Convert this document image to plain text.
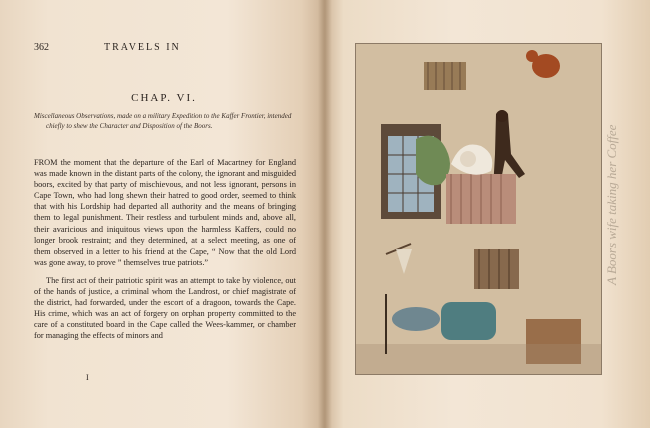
362	TRAVELS IN
CHAP. VI.
Miscellaneous Observations, made on a military Expedition to the Kaffer Frontier, intended chiefly to shew the Character and Disposition of the Boors.

FROM the moment that the departure of the Earl of Macartney for England was made known in the distant parts of the colony, the ignorant and misguided boors, excited by that party of mischievous, and not less ignorant, persons in Cape Town, who had long shewn their hatred to good order, seemed to think that with his Lordship had departed all authority and the means of bringing them to legal punishment. Their restless and turbulent minds and, above all, their avaricious and iniquitous views upon the harmless Kaffers, could no longer brook restraint; and they determined, at a select meeting, as one of them observed in a letter to his friend at the Cape, “ Now that the old Lord was gone away, to prove ” themselves true patriots.”

The first act of their patriotic spirit was an attempt to take by violence, out of the hands of justice, a criminal whom the Landrost, or chief magistrate of the district, had forwarded, under the escort of a dragoon, towards the Cape. His crime, which was an act of forgery on orphan property committed to the care of a constituted board in the Cape called the Wees-kammer, or chamber for managing the effects of minors and

I
A Boors wife taking her Coffee
